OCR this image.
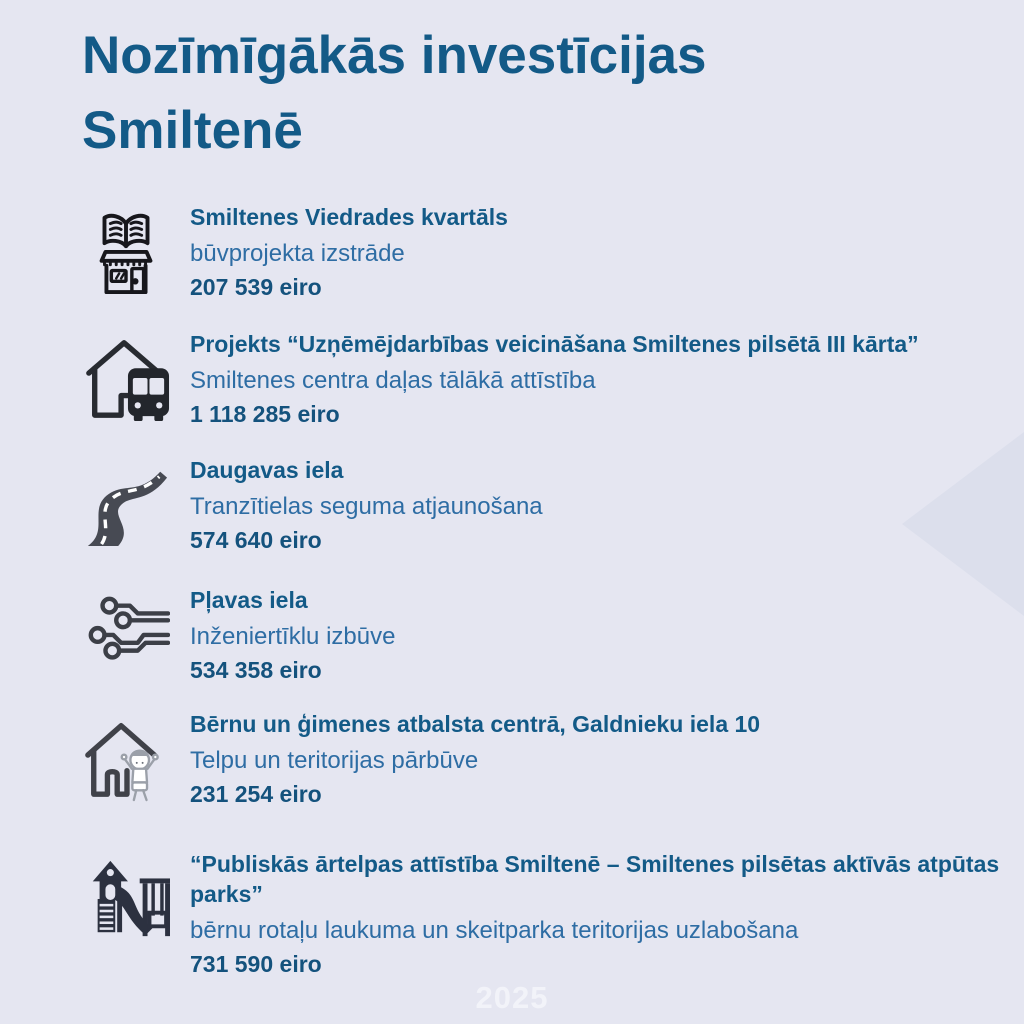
Nozīmīgākās investīcijas
Smiltenē
Smiltenes Viedrades kvartāls
būvprojekta izstrāde
207 539 eiro
Projekts “Uzņēmējdarbības veicināšana Smiltenes pilsētā III kārta”
Smiltenes centra daļas tālākā attīstība
1 118 285 eiro
Daugavas iela
Tranzītielas seguma atjaunošana
574 640 eiro
Pļavas iela
Inženiertīklu izbūve
534 358 eiro
Bērnu un ģimenes atbalsta centrā, Galdnieku iela 10
Telpu un teritorijas pārbūve
231 254 eiro
“Publiskās ārtelpas attīstība Smiltenē – Smiltenes pilsētas aktīvās atpūtas parks”
bērnu rotaļu laukuma un skeitparka teritorijas uzlabošana
731 590 eiro
2025
